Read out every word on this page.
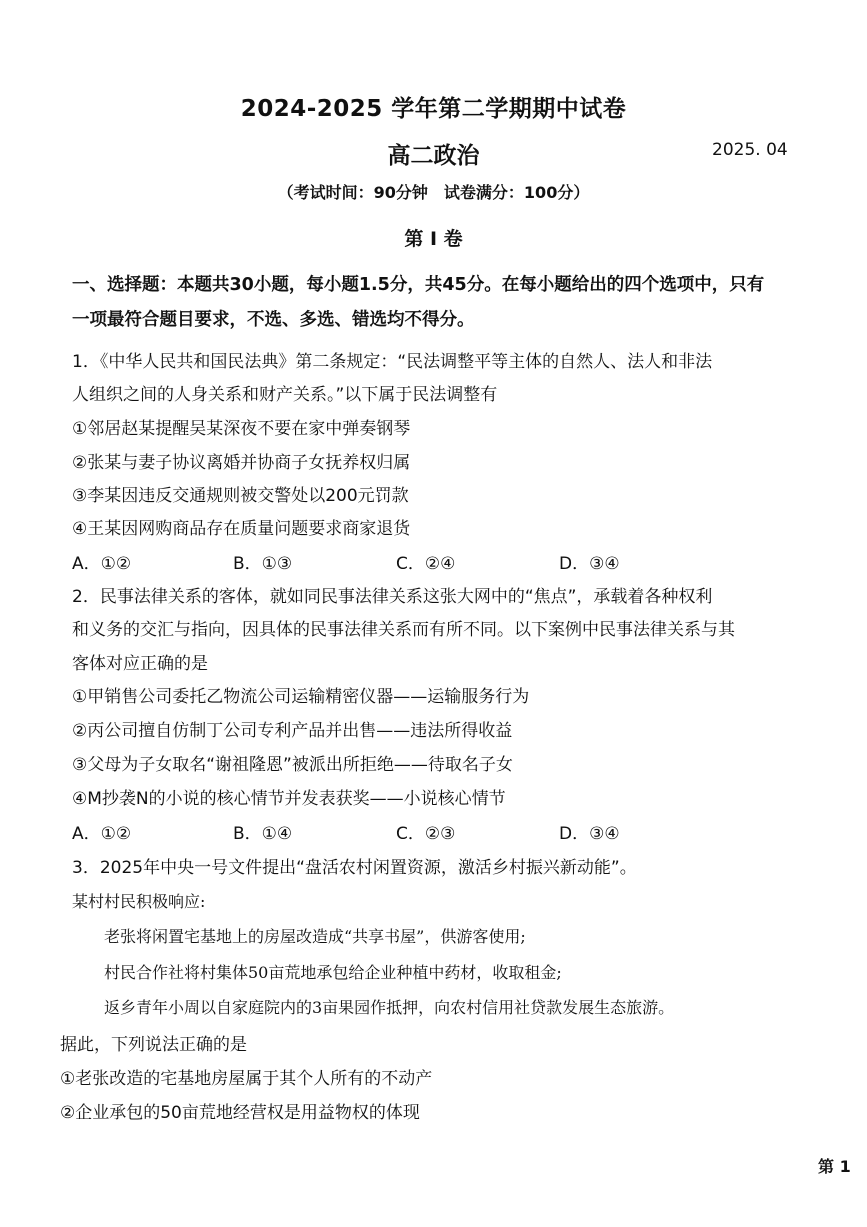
2024-2025 学年第二学期期中试卷
高二政治	2025. 04
（考试时间：90分钟　试卷满分：100分）
第 I 卷
一、选择题：本题共30小题，每小题1.5分，共45分。在每小题给出的四个选项中，只有
一项最符合题目要求，不选、多选、错选均不得分。
1．《中华人民共和国民法典》第二条规定：“民法调整平等主体的自然人、法人和非法
人组织之间的人身关系和财产关系。”以下属于民法调整有
①邻居赵某提醒吴某深夜不要在家中弹奏钢琴
②张某与妻子协议离婚并协商子女抚养权归属
③李某因违反交通规则被交警处以200元罚款
④王某因网购商品存在质量问题要求商家退货
A．①②	B．①③	C．②④	D．③④
2．民事法律关系的客体，就如同民事法律关系这张大网中的“焦点”，承载着各种权利
和义务的交汇与指向，因具体的民事法律关系而有所不同。以下案例中民事法律关系与其
客体对应正确的是
①甲销售公司委托乙物流公司运输精密仪器——运输服务行为
②丙公司擅自仿制丁公司专利产品并出售——违法所得收益
③父母为子女取名“谢祖隆恩”被派出所拒绝——待取名子女
④M抄袭N的小说的核心情节并发表获奖——小说核心情节
A．①②	B．①④	C．②③	D．③④
3．2025年中央一号文件提出“盘活农村闲置资源，激活乡村振兴新动能”。
某村村民积极响应:
老张将闲置宅基地上的房屋改造成“共享书屋”，供游客使用;
村民合作社将村集体50亩荒地承包给企业种植中药材，收取租金;
返乡青年小周以自家庭院内的3亩果园作抵押，向农村信用社贷款发展生态旅游。
据此，下列说法正确的是
①老张改造的宅基地房屋属于其个人所有的不动产
②企业承包的50亩荒地经营权是用益物权的体现
第 1
